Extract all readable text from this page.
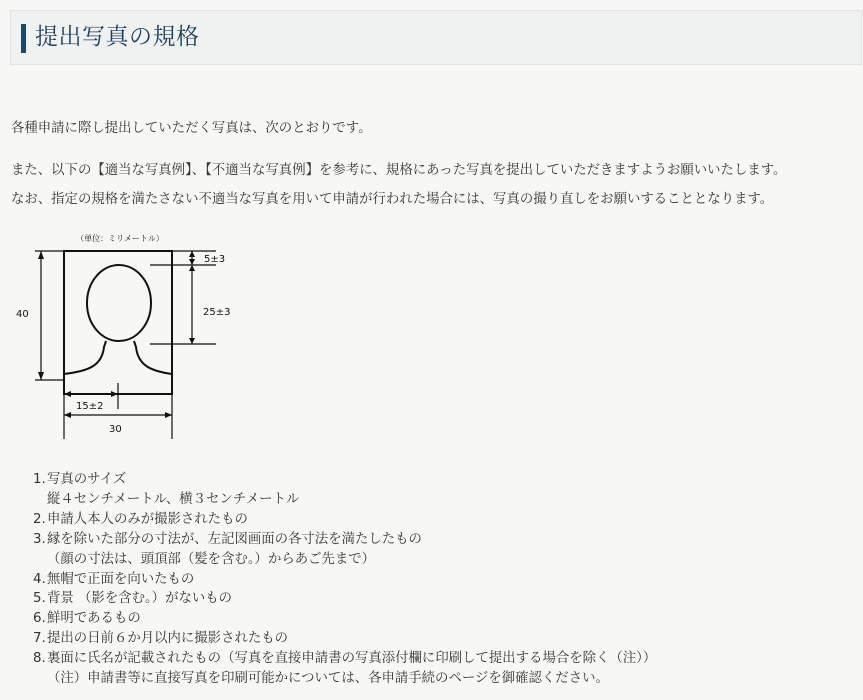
提出写真の規格
各種申請に際し提出していただく写真は、次のとおりです。
また、以下の【適当な写真例】、【不適当な写真例】を参考に、規格にあった写真を提出していただきますようお願いいたします。
なお、指定の規格を満たさない不適当な写真を用いて申請が行われた場合には、写真の撮り直しをお願いすることとなります。
（単位：ミリメートル）
5±3
25±3
40
15±2
30
1.写真のサイズ
縦４センチメートル、横３センチメートル
2.申請人本人のみが撮影されたもの
3.縁を除いた部分の寸法が、左記図画面の各寸法を満たしたもの
（顔の寸法は、頭頂部（髪を含む。）からあご先まで）
4.無帽で正面を向いたもの
5.背景 （影を含む。）がないもの
6.鮮明であるもの
7.提出の日前６か月以内に撮影されたもの
8.裏面に氏名が記載されたもの（写真を直接申請書の写真添付欄に印刷して提出する場合を除く（注））
（注）申請書等に直接写真を印刷可能かについては、各申請手続のページを御確認ください。
